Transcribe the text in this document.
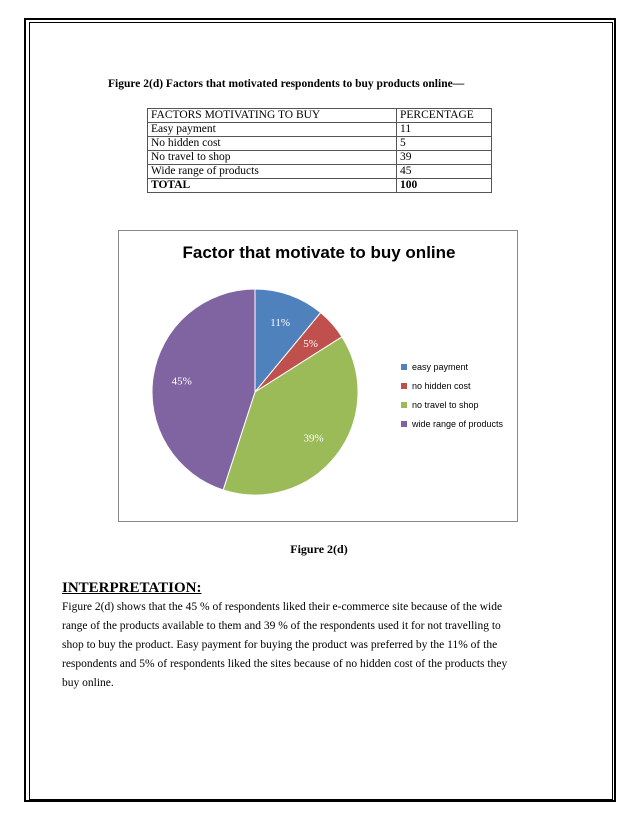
Figure 2(d) Factors that motivated respondents to buy products online—
FACTORS MOTIVATING TO BUY	PERCENTAGE
Easy payment	11
No hidden cost	5
No travel to shop	39
Wide range of products	45
TOTAL	100
Factor that motivate to buy online
11%
5%
39%
45%
easy payment
no hidden cost
no travel to shop
wide range of products
Figure 2(d)
INTERPRETATION:
Figure 2(d) shows that the 45 % of respondents liked their e-commerce site because of the wide
range of the products available to them and 39 % of the respondents used it for not travelling to
shop to buy the product. Easy payment for buying the product was preferred by the 11% of the
respondents and 5% of respondents liked the sites because of no hidden cost of the products they
buy online.
